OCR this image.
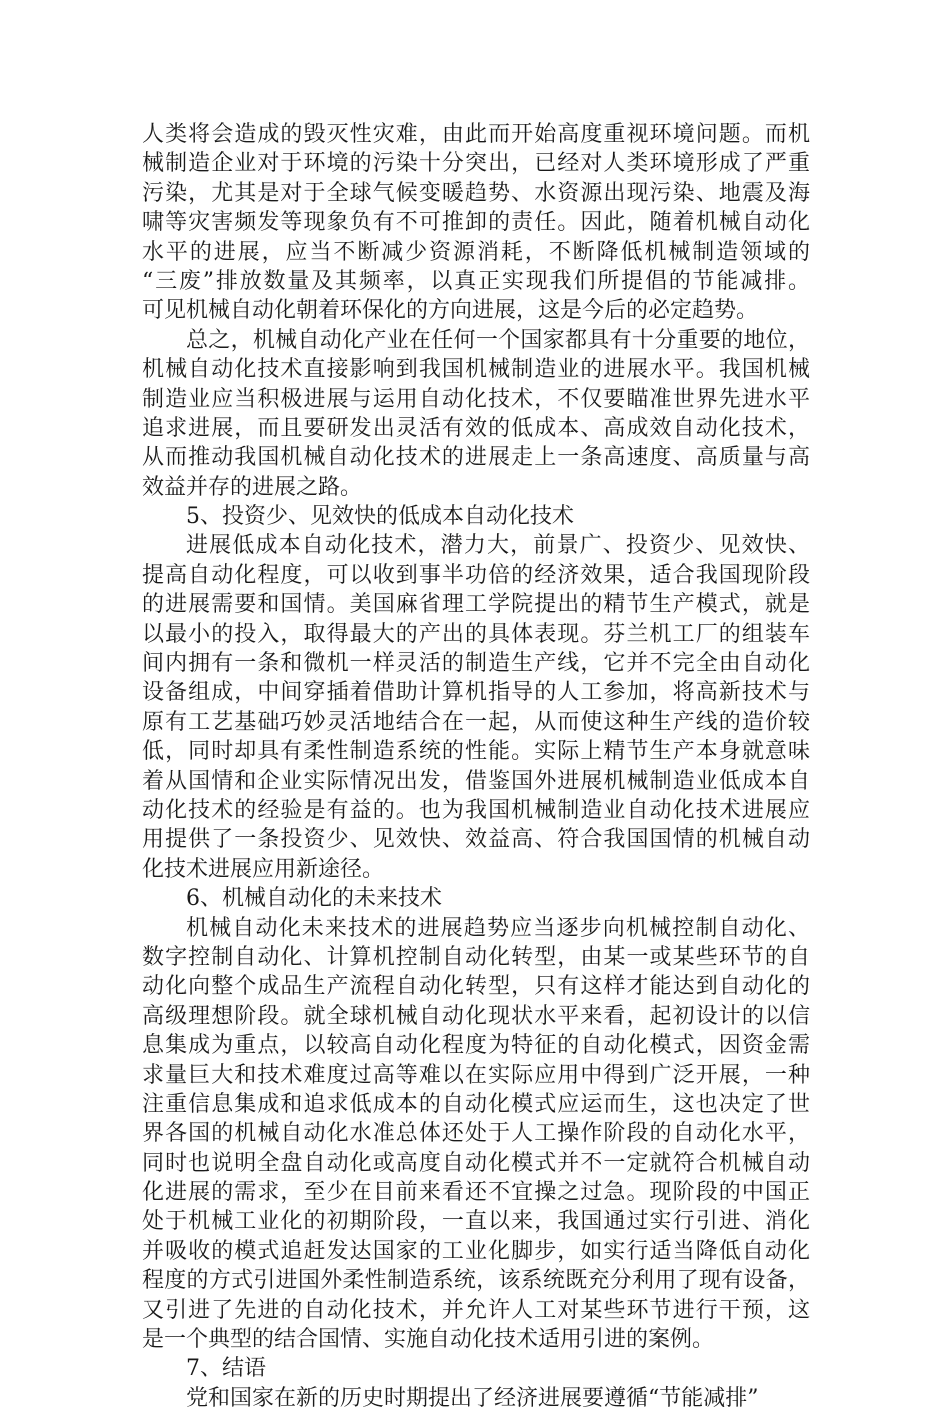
人类将会造成的毁灭性灾难，由此而开始高度重视环境问题。而机
械制造企业对于环境的污染十分突出，已经对人类环境形成了严重
污染，尤其是对于全球气候变暖趋势、水资源出现污染、地震及海
啸等灾害频发等现象负有不可推卸的责任。因此，随着机械自动化
水平的进展，应当不断减少资源消耗，不断降低机械制造领域的
“三废”排放数量及其频率，以真正实现我们所提倡的节能减排。
可见机械自动化朝着环保化的方向进展，这是今后的必定趋势。
总之，机械自动化产业在任何一个国家都具有十分重要的地位，
机械自动化技术直接影响到我国机械制造业的进展水平。我国机械
制造业应当积极进展与运用自动化技术，不仅要瞄准世界先进水平
追求进展，而且要研发出灵活有效的低成本、高成效自动化技术，
从而推动我国机械自动化技术的进展走上一条高速度、高质量与高
效益并存的进展之路。
5、投资少、见效快的低成本自动化技术
进展低成本自动化技术，潜力大，前景广、投资少、见效快、
提高自动化程度，可以收到事半功倍的经济效果，适合我国现阶段
的进展需要和国情。美国麻省理工学院提出的精节生产模式，就是
以最小的投入，取得最大的产出的具体表现。芬兰机工厂的组装车
间内拥有一条和微机一样灵活的制造生产线，它并不完全由自动化
设备组成，中间穿插着借助计算机指导的人工参加，将高新技术与
原有工艺基础巧妙灵活地结合在一起，从而使这种生产线的造价较
低，同时却具有柔性制造系统的性能。实际上精节生产本身就意味
着从国情和企业实际情况出发，借鉴国外进展机械制造业低成本自
动化技术的经验是有益的。也为我国机械制造业自动化技术进展应
用提供了一条投资少、见效快、效益高、符合我国国情的机械自动
化技术进展应用新途径。
6、机械自动化的未来技术
机械自动化未来技术的进展趋势应当逐步向机械控制自动化、
数字控制自动化、计算机控制自动化转型，由某一或某些环节的自
动化向整个成品生产流程自动化转型，只有这样才能达到自动化的
高级理想阶段。就全球机械自动化现状水平来看，起初设计的以信
息集成为重点，以较高自动化程度为特征的自动化模式，因资金需
求量巨大和技术难度过高等难以在实际应用中得到广泛开展，一种
注重信息集成和追求低成本的自动化模式应运而生，这也决定了世
界各国的机械自动化水准总体还处于人工操作阶段的自动化水平，
同时也说明全盘自动化或高度自动化模式并不一定就符合机械自动
化进展的需求，至少在目前来看还不宜操之过急。现阶段的中国正
处于机械工业化的初期阶段，一直以来，我国通过实行引进、消化
并吸收的模式追赶发达国家的工业化脚步，如实行适当降低自动化
程度的方式引进国外柔性制造系统，该系统既充分利用了现有设备，
又引进了先进的自动化技术，并允许人工对某些环节进行干预，这
是一个典型的结合国情、实施自动化技术适用引进的案例。
7、结语
党和国家在新的历史时期提出了经济进展要遵循“节能减排”
